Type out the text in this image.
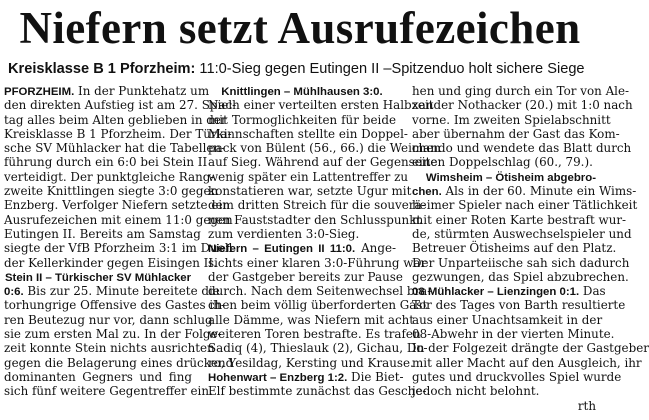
Niefern setzt Ausrufezeichen
Kreisklasse B 1 Pforzheim: 11:0-Sieg gegen Eutingen II –Spitzenduo holt sichere Siege
PFORZHEIM. In der Punktehatz um
den direkten Aufstieg ist am 27. Spiel-
tag alles beim Alten geblieben in der
Kreisklasse B 1 Pforzheim. Der Türki-
sche SV Mühlacker hat die Tabellen-
führung durch ein 6:0 bei Stein II
verteidigt. Der punktgleiche Rang-
zweite Knittlingen siegte 3:0 gegen
Enzberg. Verfolger Niefern setzte ein
Ausrufezeichen mit einem 11:0 gegen
Eutingen II. Bereits am Samstag
siegte der VfB Pforzheim 3:1 im Duell
der Kellerkinder gegen Eisingen II.
Stein II – Türkischer SV Mühlacker
0:6. Bis zur 25. Minute bereitete die
torhungrige Offensive des Gastes ih-
ren Beutezug nur vor, dann schlug
sie zum ersten Mal zu. In der Folge-
zeit konnte Stein nichts ausrichten
gegen die Belagerung eines drückend
dominanten Gegners und fing
sich fünf weitere Gegentreffer ein.
Knittlingen – Mühlhausen 3:0.
Nach einer verteilten ersten Halbzeit
mit Tormoglichkeiten für beide
Mannschaften stellte ein Doppel-
pack von Bülent (56., 66.) die Weichen
auf Sieg. Während auf der Gegenseite
wenig später ein Lattentreffer zu
konstatieren war, setzte Ugur mit
dem dritten Streich für die souverä-
nen Fauststadter den Schlusspunkt
zum verdienten 3:0-Sieg.
Niefern – Eutingen II 11:0. Ange-
sichts einer klaren 3:0-Führung war
der Gastgeber bereits zur Pause
durch. Nach dem Seitenwechsel bra-
chen beim völlig überforderten Gast
alle Dämme, was Niefern mit acht
weiteren Toren bestrafte. Es trafen
Sadiq (4), Thieslauk (2), Gichau, Do-
ro, Yesildag, Kersting und Krause.
Hohenwart – Enzberg 1:2. Die Biet-
Elf bestimmte zunächst das Gesche-
hen und ging durch ein Tor von Ale-
xander Nothacker (20.) mit 1:0 nach
vorne. Im zweiten Spielabschnitt
aber übernahm der Gast das Kom-
mando und wendete das Blatt durch
einen Doppelschlag (60., 79.).
Wimsheim – Ötisheim abgebro-
chen. Als in der 60. Minute ein Wims-
heimer Spieler nach einer Tätlichkeit
mit einer Roten Karte bestraft wur-
de, stürmten Auswechselspieler und
Betreuer Ötisheims auf den Platz.
Der Unparteiische sah sich dadurch
gezwungen, das Spiel abzubrechen.
08 Mühlacker – Lienzingen 0:1. Das
Tor des Tages von Barth resultierte
aus einer Unachtsamkeit in der
08-Abwehr in der vierten Minute.
In der Folgezeit drängte der Gastgeber
mit aller Macht auf den Ausgleich, ihr
gutes und druckvolles Spiel wurde
jedoch nicht belohnt.
rth
